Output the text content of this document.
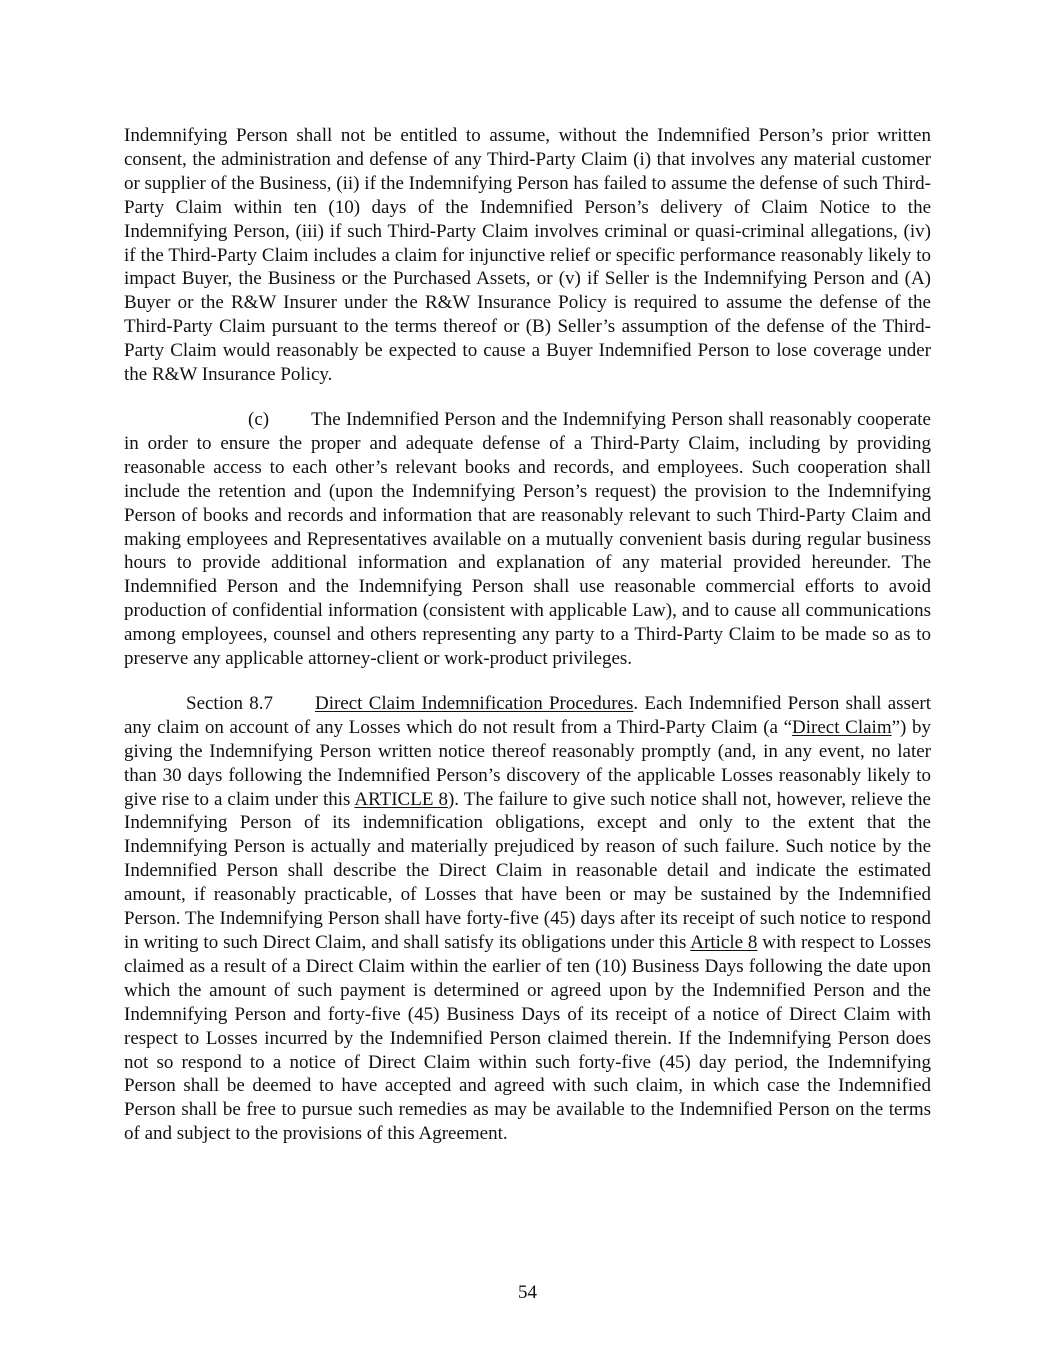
Indemnifying Person shall not be entitled to assume, without the Indemnified Person’s prior written consent, the administration and defense of any Third-Party Claim (i) that involves any material customer or supplier of the Business, (ii) if the Indemnifying Person has failed to assume the defense of such Third-Party Claim within ten (10) days of the Indemnified Person’s delivery of Claim Notice to the Indemnifying Person, (iii) if such Third-Party Claim involves criminal or quasi-criminal allegations, (iv) if the Third-Party Claim includes a claim for injunctive relief or specific performance reasonably likely to impact Buyer, the Business or the Purchased Assets, or (v) if Seller is the Indemnifying Person and (A) Buyer or the R&W Insurer under the R&W Insurance Policy is required to assume the defense of the Third-Party Claim pursuant to the terms thereof or (B) Seller’s assumption of the defense of the Third-Party Claim would reasonably be expected to cause a Buyer Indemnified Person to lose coverage under the R&W Insurance Policy.

(c) The Indemnified Person and the Indemnifying Person shall reasonably cooperate in order to ensure the proper and adequate defense of a Third-Party Claim, including by providing reasonable access to each other’s relevant books and records, and employees. Such cooperation shall include the retention and (upon the Indemnifying Person’s request) the provision to the Indemnifying Person of books and records and information that are reasonably relevant to such Third-Party Claim and making employees and Representatives available on a mutually convenient basis during regular business hours to provide additional information and explanation of any material provided hereunder. The Indemnified Person and the Indemnifying Person shall use reasonable commercial efforts to avoid production of confidential information (consistent with applicable Law), and to cause all communications among employees, counsel and others representing any party to a Third-Party Claim to be made so as to preserve any applicable attorney-client or work-product privileges.

Section 8.7 Direct Claim Indemnification Procedures. Each Indemnified Person shall assert any claim on account of any Losses which do not result from a Third-Party Claim (a “Direct Claim”) by giving the Indemnifying Person written notice thereof reasonably promptly (and, in any event, no later than 30 days following the Indemnified Person’s discovery of the applicable Losses reasonably likely to give rise to a claim under this ARTICLE 8). The failure to give such notice shall not, however, relieve the Indemnifying Person of its indemnification obligations, except and only to the extent that the Indemnifying Person is actually and materially prejudiced by reason of such failure. Such notice by the Indemnified Person shall describe the Direct Claim in reasonable detail and indicate the estimated amount, if reasonably practicable, of Losses that have been or may be sustained by the Indemnified Person. The Indemnifying Person shall have forty-five (45) days after its receipt of such notice to respond in writing to such Direct Claim, and shall satisfy its obligations under this Article 8 with respect to Losses claimed as a result of a Direct Claim within the earlier of ten (10) Business Days following the date upon which the amount of such payment is determined or agreed upon by the Indemnified Person and the Indemnifying Person and forty-five (45) Business Days of its receipt of a notice of Direct Claim with respect to Losses incurred by the Indemnified Person claimed therein. If the Indemnifying Person does not so respond to a notice of Direct Claim within such forty-five (45) day period, the Indemnifying Person shall be deemed to have accepted and agreed with such claim, in which case the Indemnified Person shall be free to pursue such remedies as may be available to the Indemnified Person on the terms of and subject to the provisions of this Agreement.

54
